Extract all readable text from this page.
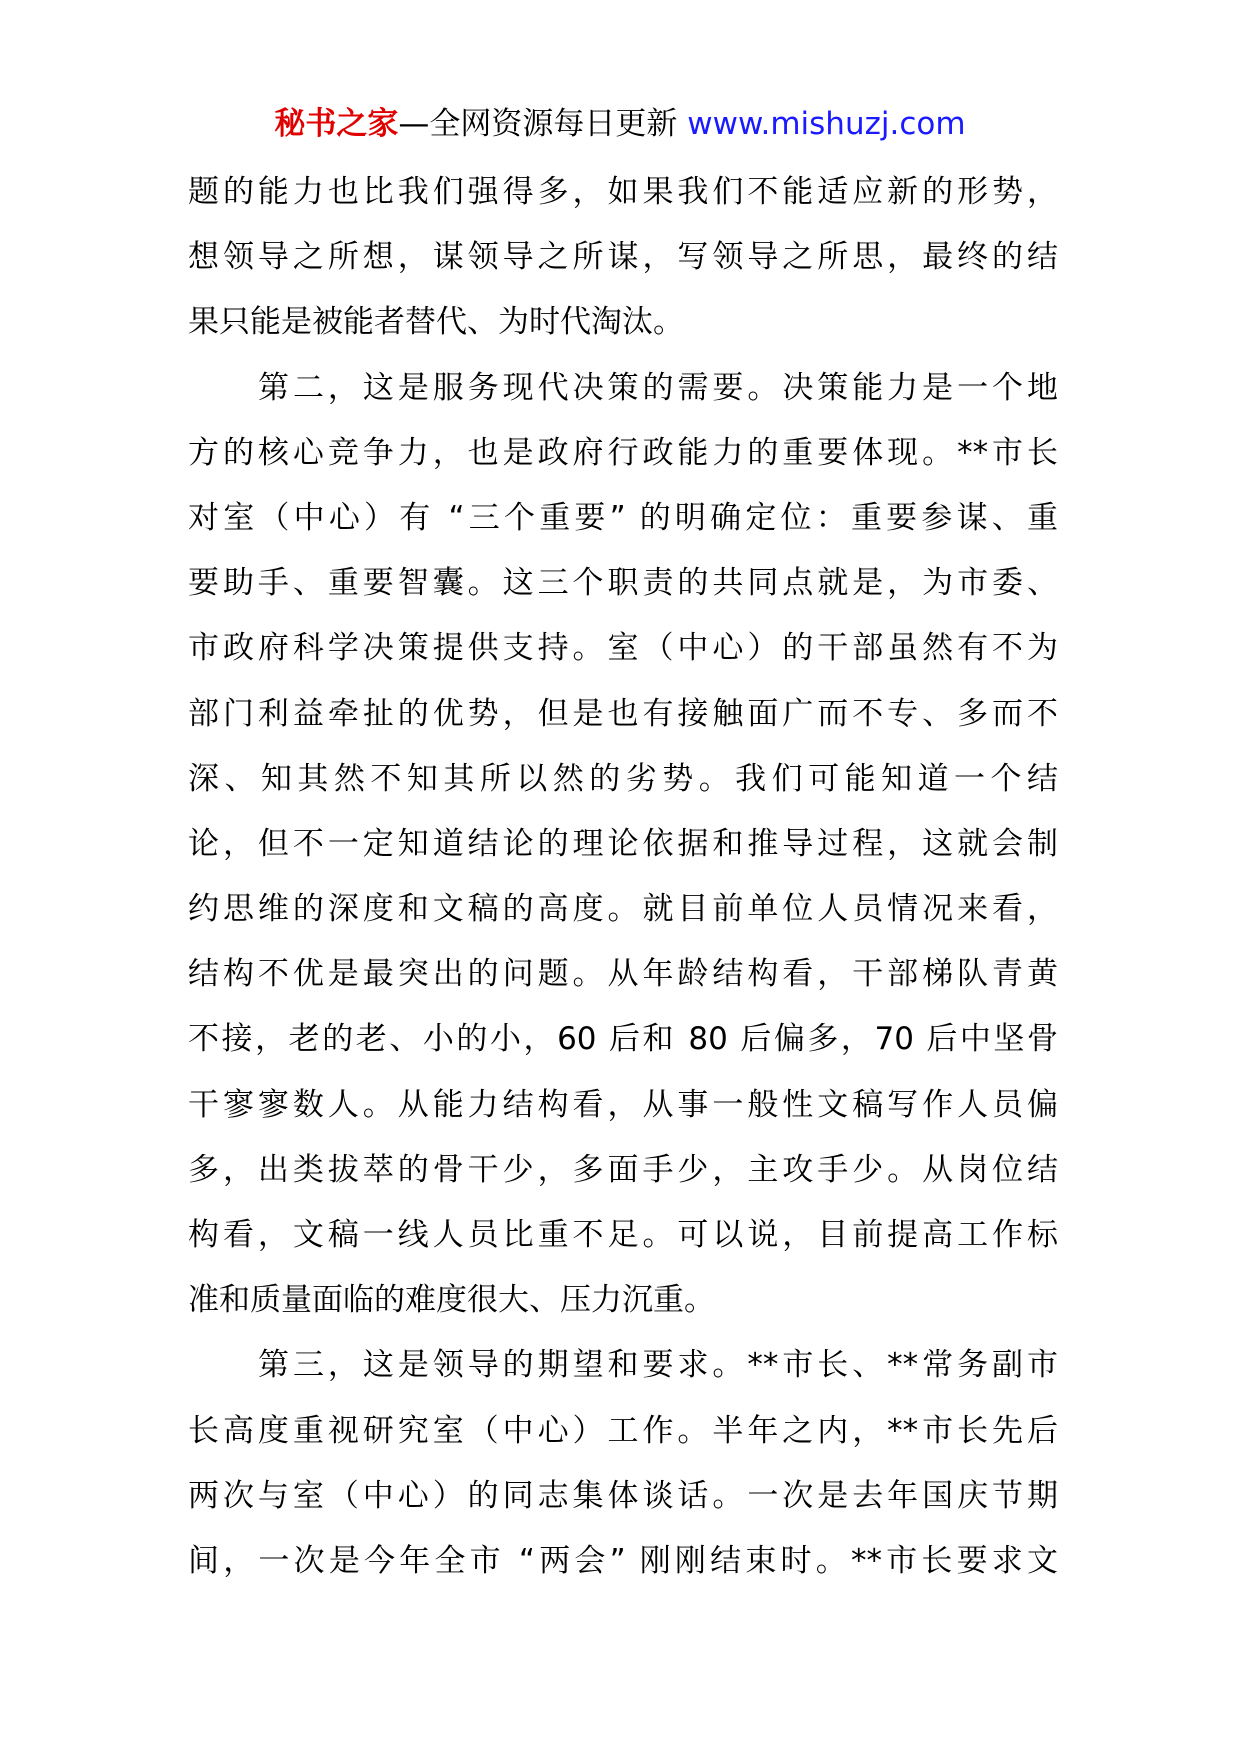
秘书之家—全网资源每日更新 www.mishuzj.com
题的能力也比我们强得多，如果我们不能适应新的形势，
想领导之所想，谋领导之所谋，写领导之所思，最终的结
果只能是被能者替代、为时代淘汰。
第二，这是服务现代决策的需要。决策能力是一个地
方的核心竞争力，也是政府行政能力的重要体现。**市长
对室（中心）有 “三个重要” 的明确定位：重要参谋、重
要助手、重要智囊。这三个职责的共同点就是，为市委、
市政府科学决策提供支持。室（中心）的干部虽然有不为
部门利益牵扯的优势，但是也有接触面广而不专、多而不
深、知其然不知其所以然的劣势。我们可能知道一个结
论，但不一定知道结论的理论依据和推导过程，这就会制
约思维的深度和文稿的高度。就目前单位人员情况来看，
结构不优是最突出的问题。从年龄结构看，干部梯队青黄
不接，老的老、小的小，60 后和 80 后偏多，70 后中坚骨
干寥寥数人。从能力结构看，从事一般性文稿写作人员偏
多，出类拔萃的骨干少，多面手少，主攻手少。从岗位结
构看，文稿一线人员比重不足。可以说，目前提高工作标
准和质量面临的难度很大、压力沉重。
第三，这是领导的期望和要求。**市长、**常务副市
长高度重视研究室（中心）工作。半年之内，**市长先后
两次与室（中心）的同志集体谈话。一次是去年国庆节期
间，一次是今年全市 “两会” 刚刚结束时。**市长要求文
